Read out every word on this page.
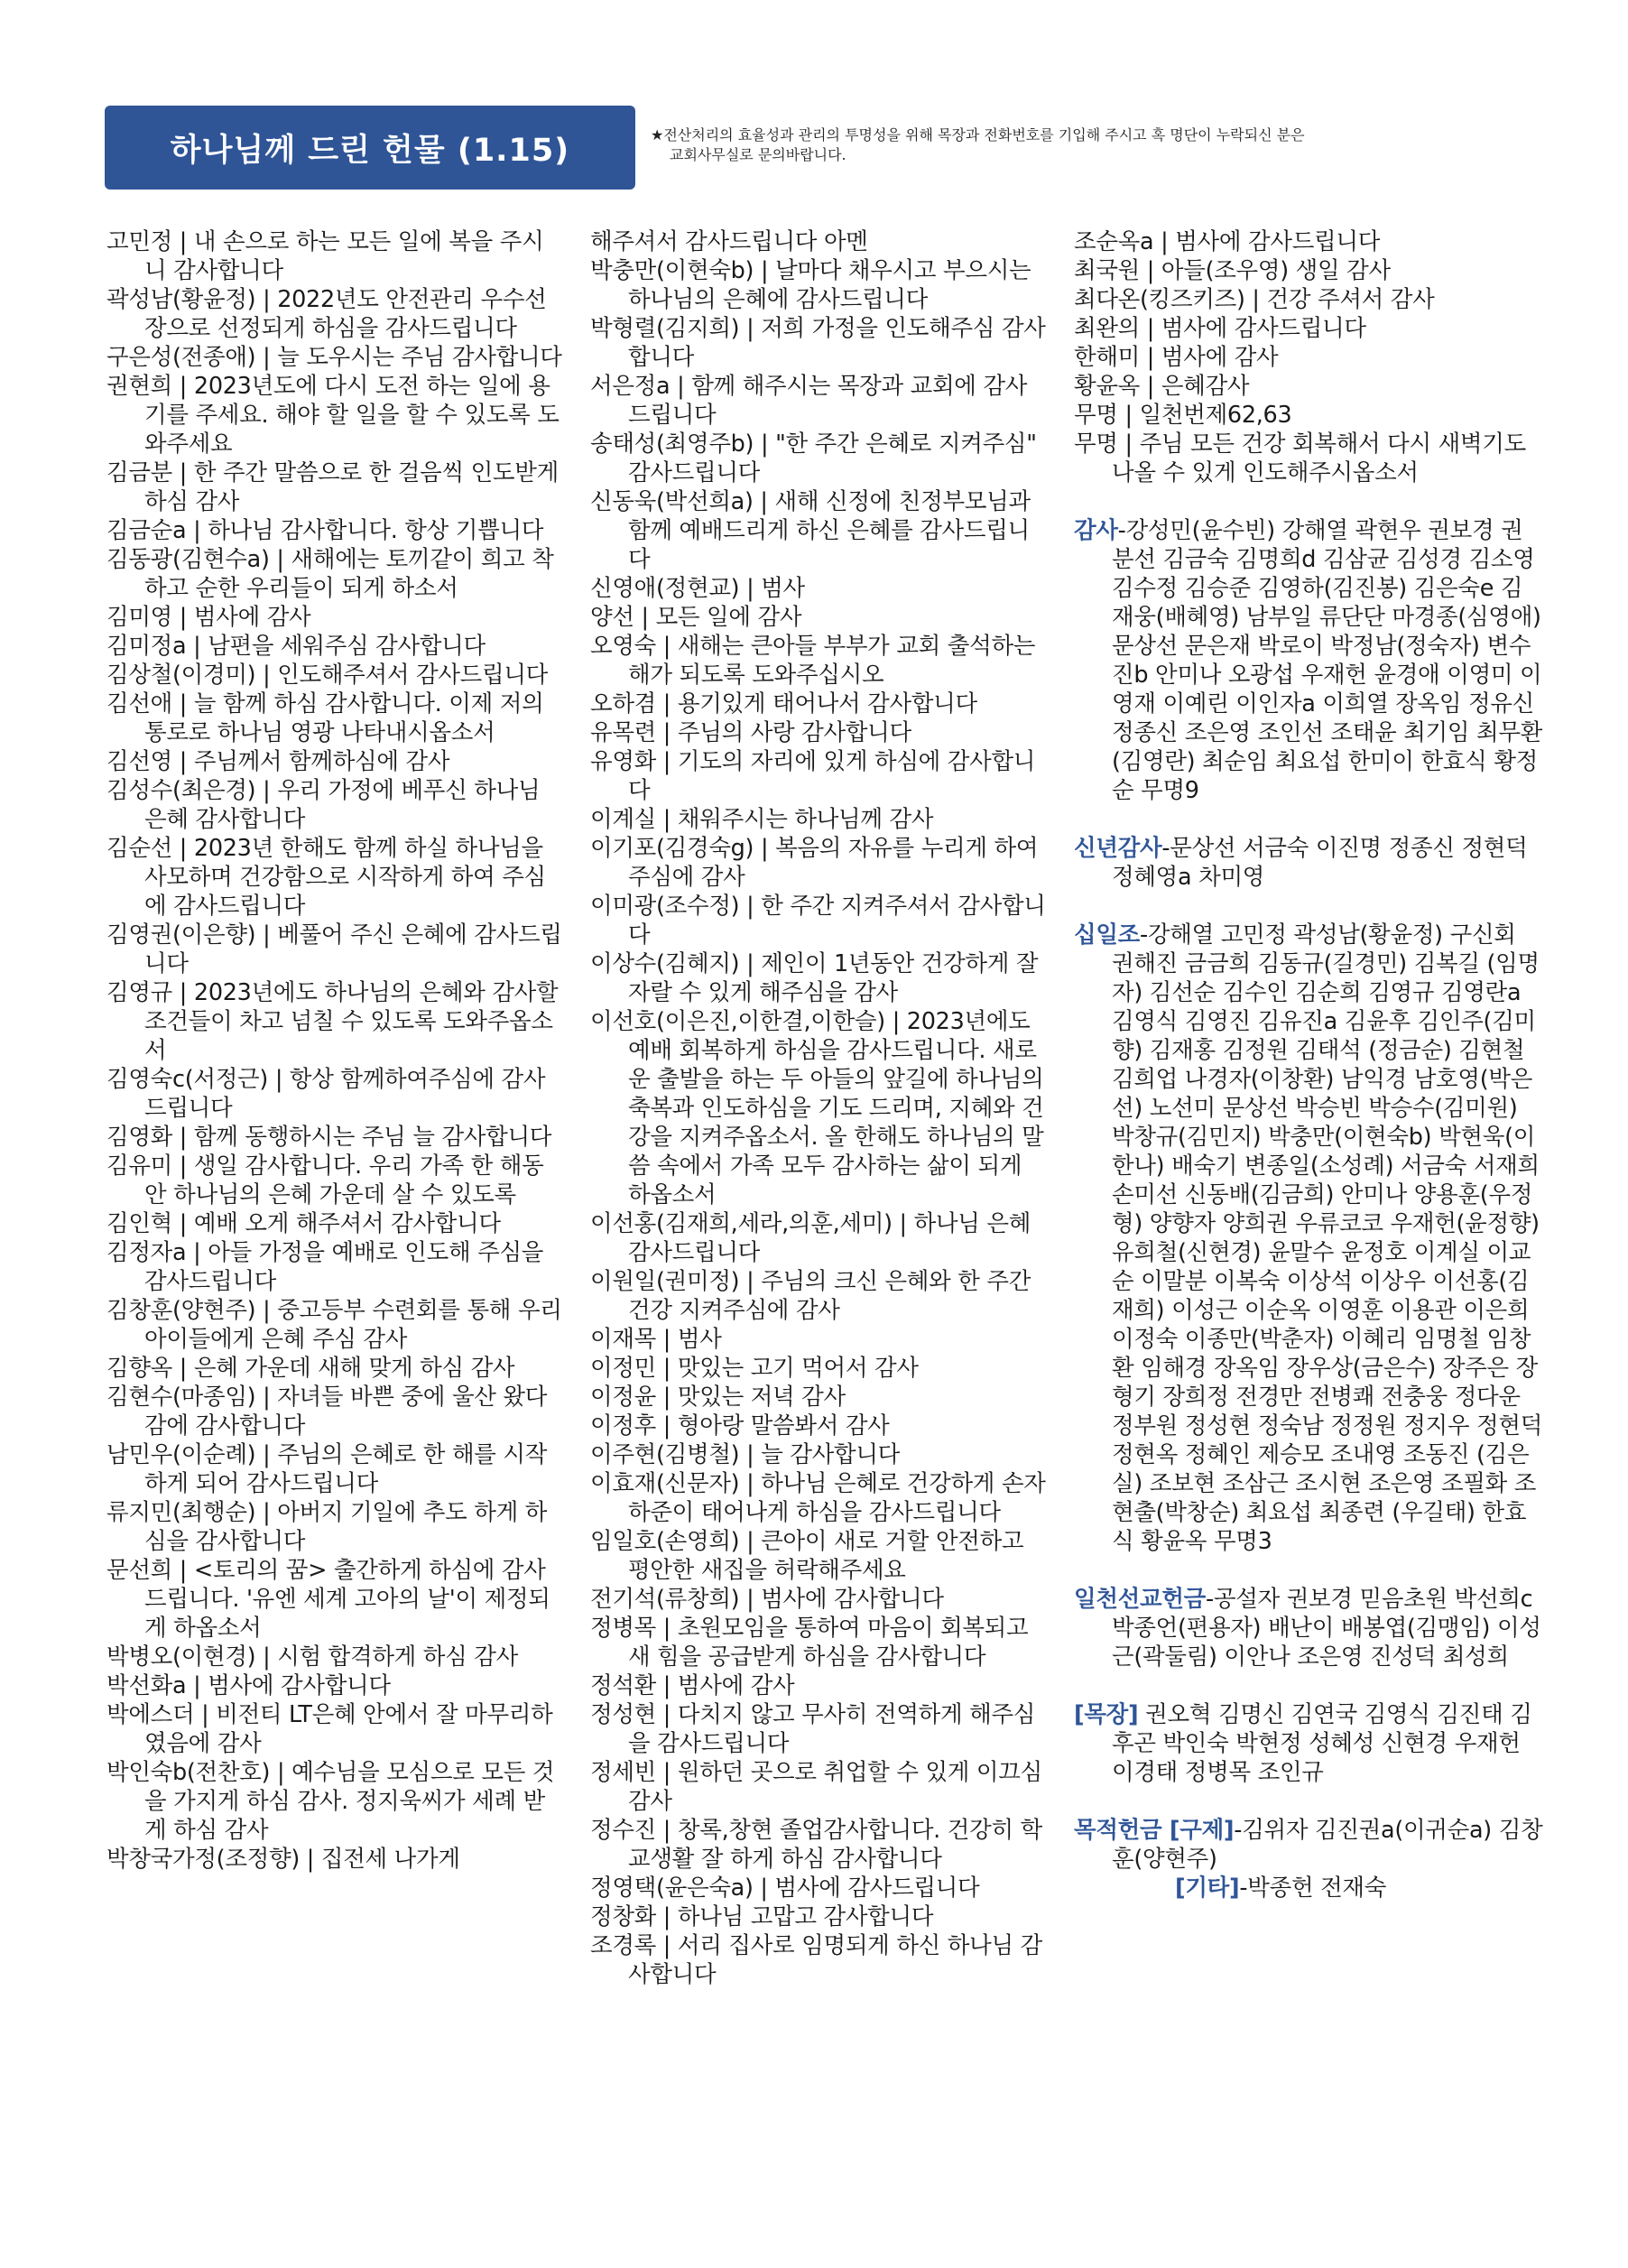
하나님께 드린 헌물 (1.15)	★전산처리의 효율성과 관리의 투명성을 위해 목장과 전화번호를 기입해 주시고 혹 명단이 누락되신 분은
교회사무실로 문의바랍니다.

고민정 | 내 손으로 하는 모든 일에 복을 주시니 감사합니다

곽성남(황윤정) | 2022년도 안전관리 우수선장으로 선정되게 하심을 감사드립니다

구은성(전종애) | 늘 도우시는 주님 감사합니다

권현희 | 2023년도에 다시 도전 하는 일에 용기를 주세요. 해야 할 일을 할 수 있도록 도와주세요

김금분 | 한 주간 말씀으로 한 걸음씩 인도받게 하심 감사

김금순a | 하나님 감사합니다. 항상 기쁩니다

김동광(김현수a) | 새해에는 토끼같이 희고 착하고 순한 우리들이 되게 하소서

김미영 | 범사에 감사

김미정a | 남편을 세워주심 감사합니다

김상철(이경미) | 인도해주셔서 감사드립니다

김선애 | 늘 함께 하심 감사합니다. 이제 저의 통로로 하나님 영광 나타내시옵소서

김선영 | 주님께서 함께하심에 감사

김성수(최은경) | 우리 가정에 베푸신 하나님 은혜 감사합니다

김순선 | 2023년 한해도 함께 하실 하나님을 사모하며 건강함으로 시작하게 하여 주심에 감사드립니다

김영권(이은향) | 베풀어 주신 은혜에 감사드립니다

김영규 | 2023년에도 하나님의 은혜와 감사할 조건들이 차고 넘칠 수 있도록 도와주옵소서

김영숙c(서정근) | 항상 함께하여주심에 감사드립니다

김영화 | 함께 동행하시는 주님 늘 감사합니다

김유미 | 생일 감사합니다. 우리 가족 한 해동안 하나님의 은혜 가운데 살 수 있도록

김인혁 | 예배 오게 해주셔서 감사합니다

김정자a | 아들 가정을 예배로 인도해 주심을 감사드립니다

김창훈(양현주) | 중고등부 수련회를 통해 우리 아이들에게 은혜 주심 감사

김향옥 | 은혜 가운데 새해 맞게 하심 감사

김현수(마종임) | 자녀들 바쁜 중에 울산 왔다 감에 감사합니다

남민우(이순례) | 주님의 은혜로 한 해를 시작하게 되어 감사드립니다

류지민(최행순) | 아버지 기일에 추도 하게 하심을 감사합니다

문선희 | <토리의 꿈> 출간하게 하심에 감사드립니다. '유엔 세계 고아의 날'이 제정되게 하옵소서

박병오(이현경) | 시험 합격하게 하심 감사

박선화a | 범사에 감사합니다

박에스더 | 비전티 LT은혜 안에서 잘 마무리하였음에 감사

박인숙b(전찬호) | 예수님을 모심으로 모든 것을 가지게 하심 감사. 정지욱씨가 세례 받게 하심 감사

박창국가정(조정향) | 집전세 나가게

해주셔서 감사드립니다 아멘

박충만(이현숙b) | 날마다 채우시고 부으시는 하나님의 은혜에 감사드립니다

박형렬(김지희) | 저희 가정을 인도해주심 감사합니다

서은정a | 함께 해주시는 목장과 교회에 감사드립니다

송태성(최영주b) | "한 주간 은혜로 지켜주심" 감사드립니다

신동욱(박선희a) | 새해 신정에 친정부모님과 함께 예배드리게 하신 은혜를 감사드립니다

신영애(정현교) | 범사

양선 | 모든 일에 감사

오영숙 | 새해는 큰아들 부부가 교회 출석하는 해가 되도록 도와주십시오

오하겸 | 용기있게 태어나서 감사합니다

유목련 | 주님의 사랑 감사합니다

유영화 | 기도의 자리에 있게 하심에 감사합니다

이계실 | 채워주시는 하나님께 감사

이기포(김경숙g) | 복음의 자유를 누리게 하여 주심에 감사

이미광(조수정) | 한 주간 지켜주셔서 감사합니다

이상수(김혜지) | 제인이 1년동안 건강하게 잘 자랄 수 있게 해주심을 감사

이선호(이은진,이한결,이한슬) | 2023년에도 예배 회복하게 하심을 감사드립니다. 새로운 출발을 하는 두 아들의 앞길에 하나님의 축복과 인도하심을 기도 드리며, 지혜와 건강을 지켜주옵소서. 올 한해도 하나님의 말씀 속에서 가족 모두 감사하는 삶이 되게 하옵소서

이선홍(김재희,세라,의훈,세미) | 하나님 은혜 감사드립니다

이원일(권미정) | 주님의 크신 은혜와 한 주간 건강 지켜주심에 감사

이재목 | 범사

이정민 | 맛있는 고기 먹어서 감사

이정윤 | 맛있는 저녁 감사

이정후 | 형아랑 말씀봐서 감사

이주현(김병철) | 늘 감사합니다

이효재(신문자) | 하나님 은혜로 건강하게 손자 하준이 태어나게 하심을 감사드립니다

임일호(손영희) | 큰아이 새로 거할 안전하고 평안한 새집을 허락해주세요

전기석(류창희) | 범사에 감사합니다

정병목 | 초원모임을 통하여 마음이 회복되고 새 힘을 공급받게 하심을 감사합니다

정석환 | 범사에 감사

정성현 | 다치지 않고 무사히 전역하게 해주심을 감사드립니다

정세빈 | 원하던 곳으로 취업할 수 있게 이끄심 감사

정수진 | 창록,창현 졸업감사합니다. 건강히 학교생활 잘 하게 하심 감사합니다

정영택(윤은숙a) | 범사에 감사드립니다

정창화 | 하나님 고맙고 감사합니다

조경록 | 서리 집사로 임명되게 하신 하나님 감사합니다

조순옥a | 범사에 감사드립니다

최국원 | 아들(조우영) 생일 감사

최다온(킹즈키즈) | 건강 주셔서 감사

최완의 | 범사에 감사드립니다

한해미 | 범사에 감사

황윤옥 | 은혜감사

무명 | 일천번제62,63

무명 | 주님 모든 건강 회복해서 다시 새벽기도 나올 수 있게 인도해주시옵소서

감사-강성민(윤수빈) 강해열 곽현우 권보경 권분선 김금숙 김명희d 김삼균 김성경 김소영 김수정 김승준 김영하(김진봉) 김은숙e 김재웅(배혜영) 남부일 류단단 마경종(심영애) 문상선 문은재 박로이 박정남(정숙자) 변수진b 안미나 오광섭 우재헌 윤경애 이영미 이영재 이예린 이인자a 이희열 장옥임 정유신 정종신 조은영 조인선 조태윤 최기임 최무환 (김영란) 최순임 최요섭 한미이 한효식 황정순 무명9

신년감사-문상선 서금숙 이진명 정종신 정현덕 정혜영a 차미영

십일조-강해열 고민정 곽성남(황윤정) 구신회 권해진 금금희 김동규(길경민) 김복길 (임명자) 김선순 김수인 김순희 김영규 김영란a 김영식 김영진 김유진a 김윤후 김인주(김미향) 김재홍 김정원 김태석 (정금순) 김현철 김희업 나경자(이창환) 남익경 남호영(박은선) 노선미 문상선 박승빈 박승수(김미원) 박창규(김민지) 박충만(이현숙b) 박현욱(이한나) 배숙기 변종일(소성례) 서금숙 서재희 손미선 신동배(김금희) 안미나 양용훈(우정형) 양향자 양희권 우류코코 우재헌(윤정향) 유희철(신현경) 윤말수 윤정호 이계실 이교순 이말분 이복숙 이상석 이상우 이선홍(김재희) 이성근 이순옥 이영훈 이용관 이은희 이정숙 이종만(박춘자) 이혜리 임명철 임창환 임해경 장옥임 장우상(금은수) 장주은 장형기 장희정 전경만 전병쾌 전충웅 정다운 정부원 정성현 정숙남 정정원 정지우 정현덕 정현옥 정혜인 제승모 조내영 조동진 (김은실) 조보현 조삼근 조시현 조은영 조필화 조현출(박창순) 최요섭 최종련 (우길태) 한효식 황윤옥 무명3

일천선교헌금-공설자 권보경 믿음초원 박선희c 박종언(편용자) 배난이 배봉엽(김맹임) 이성근(곽둘림) 이안나 조은영 진성덕 최성희

[목장] 권오혁 김명신 김연국 김영식 김진태 김후곤 박인숙 박현정 성혜성 신현경 우재헌 이경태 정병목 조인규

목적헌금 [구제]-김위자 김진권a(이귀순a) 김창훈(양현주)
[기타]-박종헌 전재숙
